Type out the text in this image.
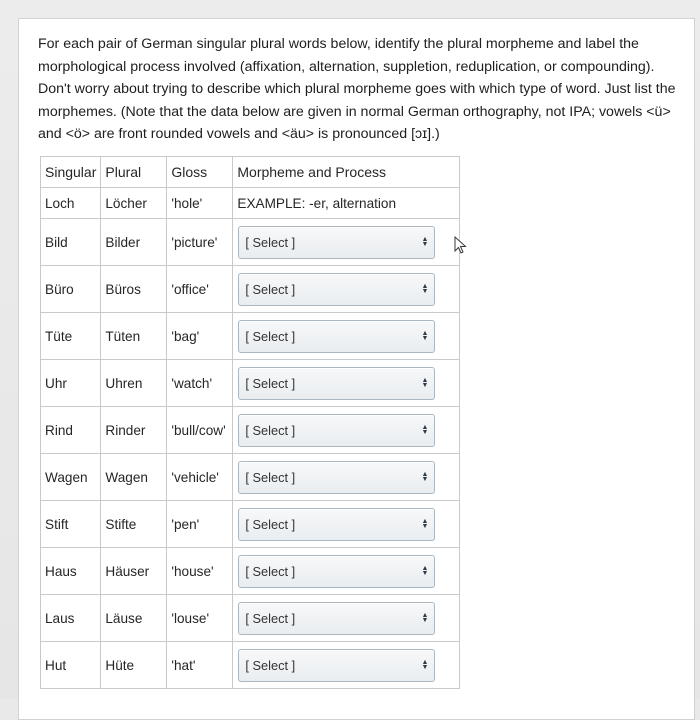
For each pair of German singular plural words below, identify the plural morpheme and label the morphological process involved (affixation, alternation, suppletion, reduplication, or compounding). Don't worry about trying to describe which plural morpheme goes with which type of word. Just list the morphemes. (Note that the data below are given in normal German orthography, not IPA; vowels <ü> and <ö> are front rounded vowels and <äu> is pronounced [ɔɪ].)

Singular	Plural	Gloss	Morpheme and Process
Loch	Löcher	'hole'	EXAMPLE: -er, alternation
Bild	Bilder	'picture'	[ Select ] ▲
▼

Büro	Büros	'office'	[ Select ] ▲
▼

Tüte	Tüten	'bag'	[ Select ] ▲
▼

Uhr	Uhren	'watch'	[ Select ] ▲
▼

Rind	Rinder	'bull/cow'	[ Select ] ▲
▼

Wagen	Wagen	'vehicle'	[ Select ] ▲
▼

Stift	Stifte	'pen'	[ Select ] ▲
▼

Haus	Häuser	'house'	[ Select ] ▲
▼

Laus	Läuse	'louse'	[ Select ] ▲
▼

Hut	Hüte	'hat'	[ Select ] ▲
▼
